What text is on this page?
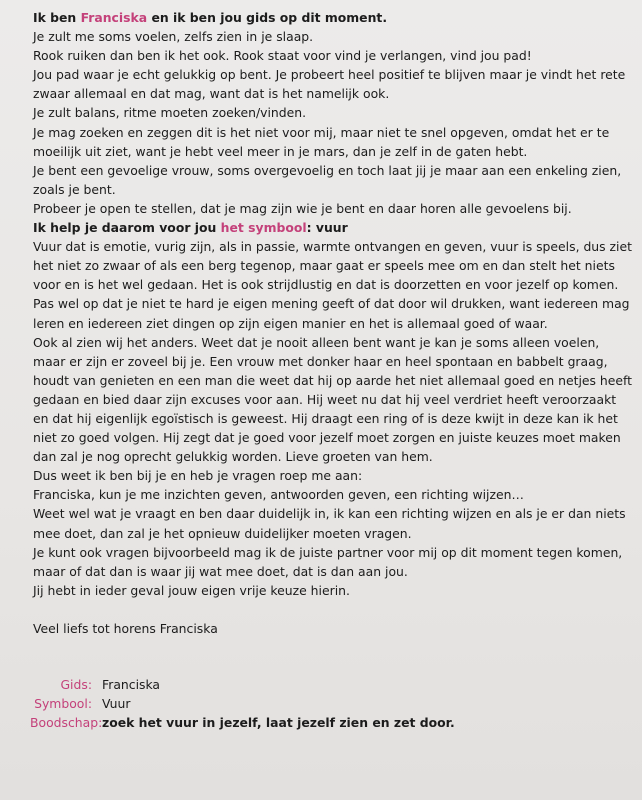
Ik ben Franciska en ik ben jou gids op dit moment.

Je zult me soms voelen, zelfs zien in je slaap.

Rook ruiken dan ben ik het ook. Rook staat voor vind je verlangen, vind jou pad!

Jou pad waar je echt gelukkig op bent. Je probeert heel positief te blijven maar je vindt het rete zwaar allemaal en dat mag, want dat is het namelijk ook.

Je zult balans, ritme moeten zoeken/vinden.

Je mag zoeken en zeggen dit is het niet voor mij, maar niet te snel opgeven, omdat het er te moeilijk uit ziet, want je hebt veel meer in je mars, dan je zelf in de gaten hebt.

Je bent een gevoelige vrouw, soms overgevoelig en toch laat jij je maar aan een enkeling zien, zoals je bent.

Probeer je open te stellen, dat je mag zijn wie je bent en daar horen alle gevoelens bij.

Ik help je daarom voor jou het symbool: vuur

Vuur dat is emotie, vurig zijn, als in passie, warmte ontvangen en geven, vuur is speels, dus ziet het niet zo zwaar of als een berg tegenop, maar gaat er speels mee om en dan stelt het niets voor en is het wel gedaan. Het is ook strijdlustig en dat is doorzetten en voor jezelf op komen.

Pas wel op dat je niet te hard je eigen mening geeft of dat door wil drukken, want iedereen mag leren en iedereen ziet dingen op zijn eigen manier en het is allemaal goed of waar.

Ook al zien wij het anders. Weet dat je nooit alleen bent want je kan je soms alleen voelen, maar er zijn er zoveel bij je. Een vrouw met donker haar en heel spontaan en babbelt graag, houdt van genieten en een man die weet dat hij op aarde het niet allemaal goed en netjes heeft gedaan en bied daar zijn excuses voor aan. Hij weet nu dat hij veel verdriet heeft veroorzaakt en dat hij eigenlijk egoïstisch is geweest. Hij draagt een ring of is deze kwijt in deze kan ik het niet zo goed volgen. Hij zegt dat je goed voor jezelf moet zorgen en juiste keuzes moet maken dan zal je nog oprecht gelukkig worden. Lieve groeten van hem.

Dus weet ik ben bij je en heb je vragen roep me aan:

Franciska, kun je me inzichten geven, antwoorden geven, een richting wijzen…

Weet wel wat je vraagt en ben daar duidelijk in, ik kan een richting wijzen en als je er dan niets mee doet, dan zal je het opnieuw duidelijker moeten vragen.

Je kunt ook vragen bijvoorbeeld mag ik de juiste partner voor mij op dit moment tegen komen, maar of dat dan is waar jij wat mee doet, dat is dan aan jou.

Jij hebt in ieder geval jouw eigen vrije keuze hierin.

Veel liefs tot horens Franciska

Gids: Franciska
Symbool: Vuur
Boodschap: zoek het vuur in jezelf, laat jezelf zien en zet door.
